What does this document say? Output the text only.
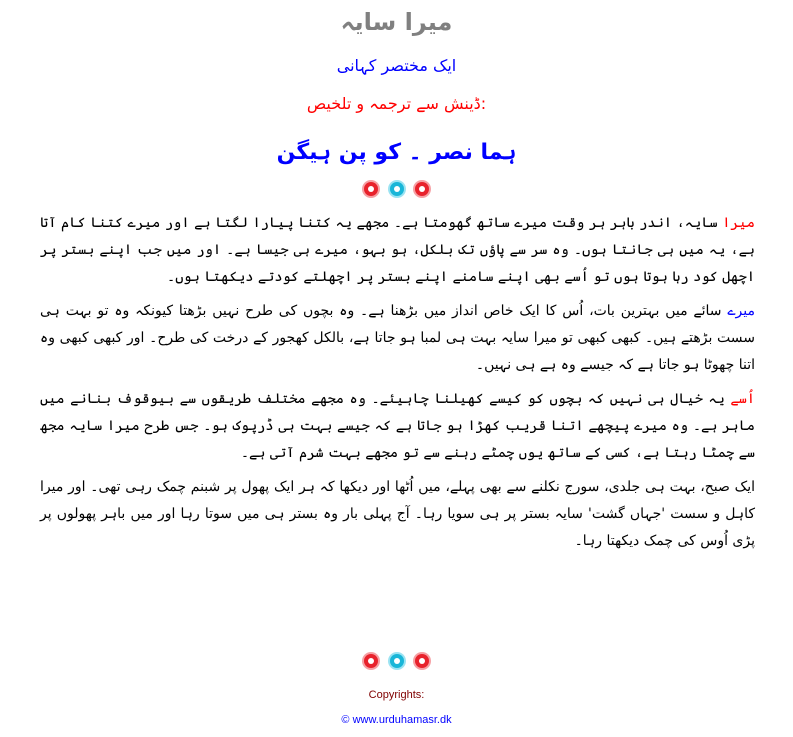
میرا سایہ
ایک مختصر کہانی
ڈینش سے ترجمہ و تلخیص:
ہما نصر ۔ کو پن ہیگن

میرا سایہ، اندر باہر ہر وقت میرے ساتھ گھومتا ہے۔ مجھے یہ کتنا پیارا لگتا ہے اور میرے کتنا کام آتا ہے، یہ میں ہی جانتا ہوں۔ وہ سر سے پاؤں تک بلکل، ہو بہو، میرے ہی جیسا ہے۔ اور میں جب اپنے بستر پر اچھل کود رہا ہوتا ہوں تو اُسے بھی اپنے سامنے اپنے بستر پر اچھلتے کودتے دیکھتا ہوں۔

میرے سائے میں بہترین بات، اُس کا ایک خاص انداز میں بڑھنا ہے۔ وہ بچوں کی طرح نہیں بڑھتا کیونکہ وہ تو بہت ہی سست بڑھتے ہیں۔ کبھی کبھی تو میرا سایہ بہت ہی لمبا ہو جاتا ہے، بالکل کھجور کے درخت کی طرح۔ اور کبھی کبھی وہ اتنا چھوٹا ہو جاتا ہے کہ جیسے وہ ہے ہی نہیں۔

اُسے یہ خیال ہی نہیں کہ بچوں کو کیسے کھیلنا چاہیئے۔ وہ مجھے مختلف طریقوں سے بیوقوف بنانے میں ماہر ہے۔ وہ میرے پیچھے اتنا قریب کھڑا ہو جاتا ہے کہ جیسے بہت ہی ڈرپوک ہو۔ جس طرح میرا سایہ مجھ سے چمٹا رہتا ہے، کسی کے ساتھ یوں چمٹے رہنے سے تو مجھے بہت شرم آتی ہے۔

ایک صبح، بہت ہی جلدی، سورج نکلنے سے بھی پہلے، میں اُٹھا اور دیکھا کہ ہر ایک پھول پر شبنم چمک رہی تھی۔ اور میرا کاہل و سست 'جہاں گشت' سایہ بستر پر ہی سویا رہا۔ آج پہلی بار وہ بستر ہی میں سوتا رہا اور میں باہر پھولوں پر پڑی اُوس کی چمک دیکھتا رہا۔

Copyrights:
© www.urduhamasr.dk
